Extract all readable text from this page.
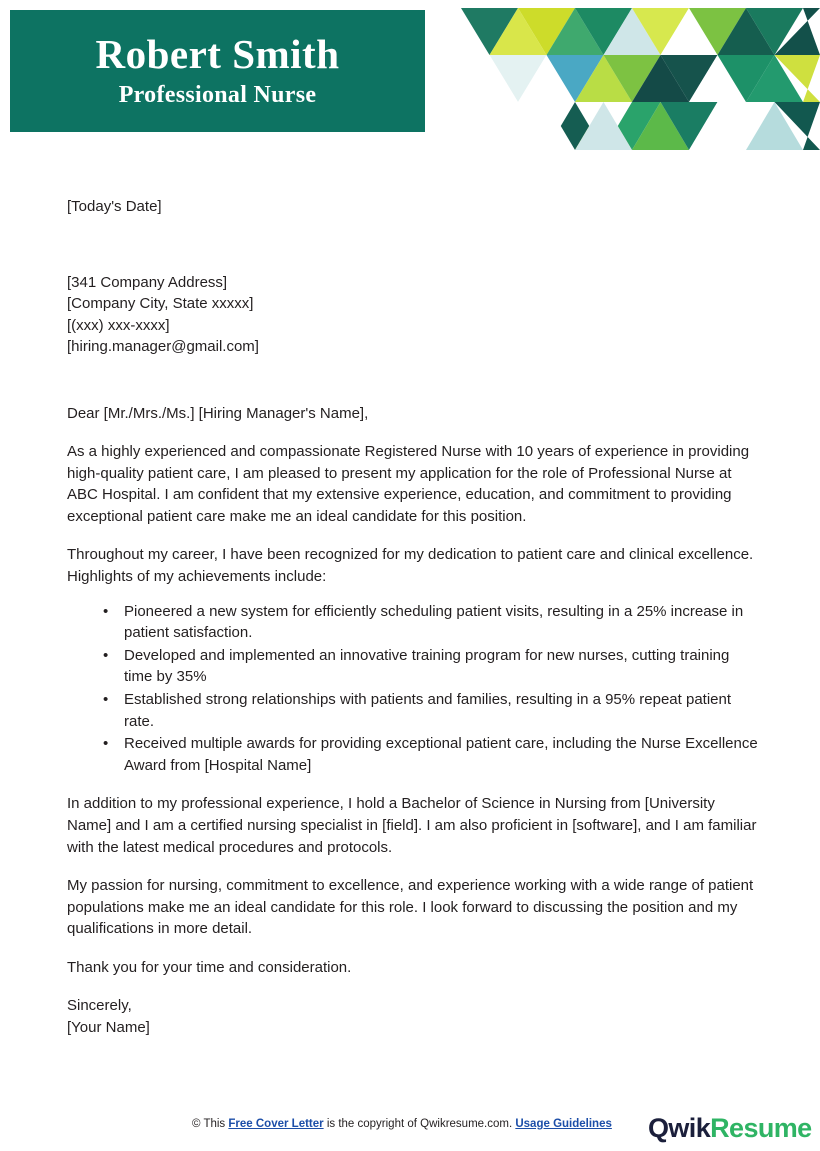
Robert Smith
Professional Nurse
[Today's Date]
[341 Company Address]
[Company City, State xxxxx]
[(xxx) xxx-xxxx]
[hiring.manager@gmail.com]
Dear [Mr./Mrs./Ms.] [Hiring Manager's Name],

As a highly experienced and compassionate Registered Nurse with 10 years of experience in providing high-quality patient care, I am pleased to present my application for the role of Professional Nurse at ABC Hospital. I am confident that my extensive experience, education, and commitment to providing exceptional patient care make me an ideal candidate for this position.

Throughout my career, I have been recognized for my dedication to patient care and clinical excellence. Highlights of my achievements include:

• Pioneered a new system for efficiently scheduling patient visits, resulting in a 25% increase in patient satisfaction.
• Developed and implemented an innovative training program for new nurses, cutting training time by 35%
• Established strong relationships with patients and families, resulting in a 95% repeat patient rate.
• Received multiple awards for providing exceptional patient care, including the Nurse Excellence Award from [Hospital Name]

In addition to my professional experience, I hold a Bachelor of Science in Nursing from [University Name] and I am a certified nursing specialist in [field]. I am also proficient in [software], and I am familiar with the latest medical procedures and protocols.

My passion for nursing, commitment to excellence, and experience working with a wide range of patient populations make me an ideal candidate for this role. I look forward to discussing the position and my qualifications in more detail.

Thank you for your time and consideration.

Sincerely,
[Your Name]
© This Free Cover Letter is the copyright of Qwikresume.com. Usage Guidelines QwikResume
